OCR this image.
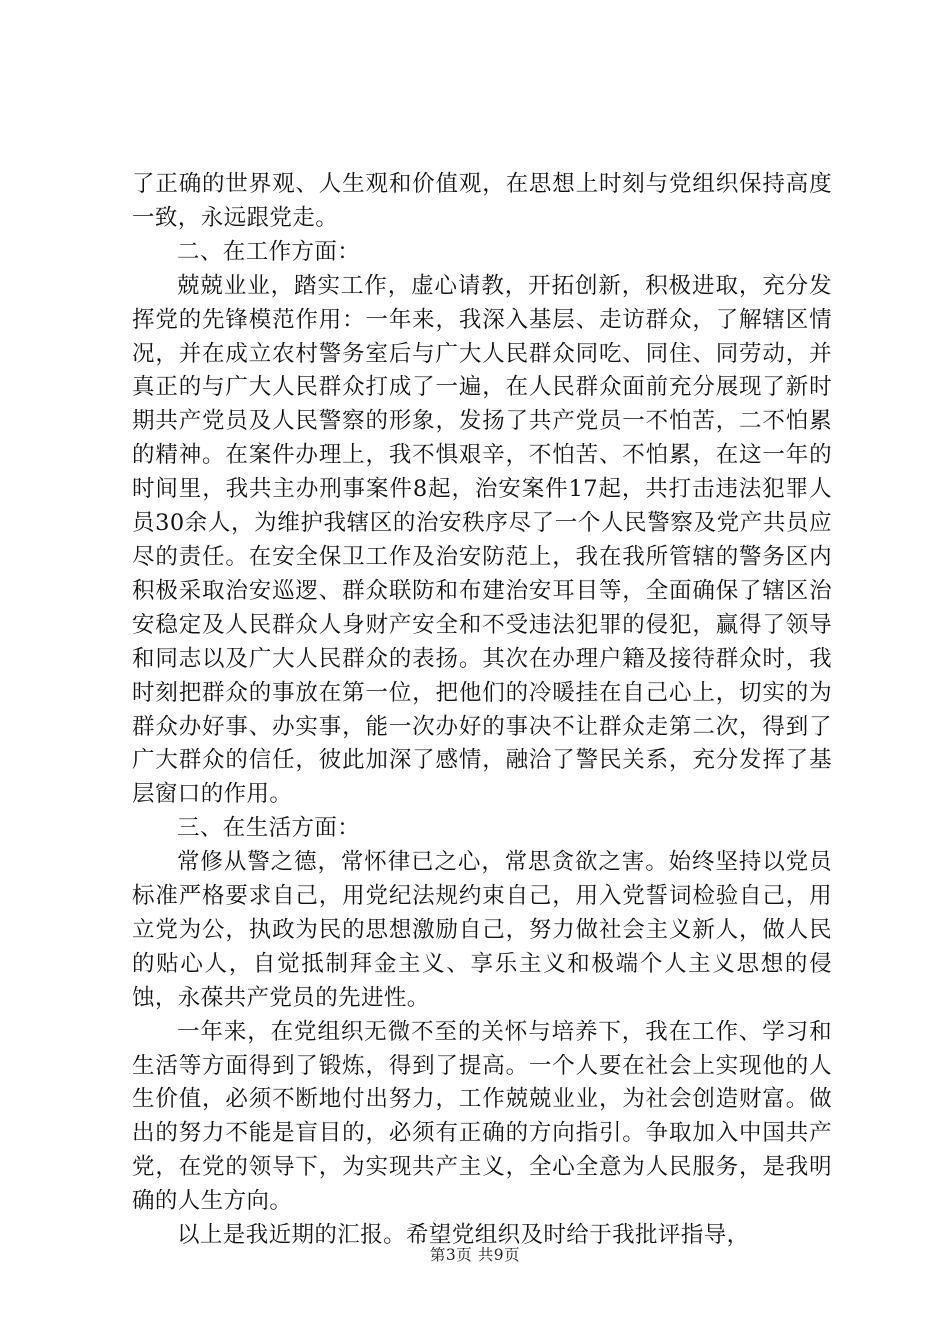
了正确的世界观、人生观和价值观，在思想上时刻与党组织保持高度一致，永远跟党走。

二、在工作方面：

兢兢业业，踏实工作，虚心请教，开拓创新，积极进取，充分发挥党的先锋模范作用：一年来，我深入基层、走访群众，了解辖区情况，并在成立农村警务室后与广大人民群众同吃、同住、同劳动，并真正的与广大人民群众打成了一遍，在人民群众面前充分展现了新时期共产党员及人民警察的形象，发扬了共产党员一不怕苦，二不怕累的精神。在案件办理上，我不惧艰辛，不怕苦、不怕累，在这一年的时间里，我共主办刑事案件8起，治安案件17起，共打击违法犯罪人员30余人，为维护我辖区的治安秩序尽了一个人民警察及党产共员应尽的责任。在安全保卫工作及治安防范上，我在我所管辖的警务区内积极采取治安巡逻、群众联防和布建治安耳目等，全面确保了辖区治安稳定及人民群众人身财产安全和不受违法犯罪的侵犯，赢得了领导和同志以及广大人民群众的表扬。其次在办理户籍及接待群众时，我时刻把群众的事放在第一位，把他们的冷暖挂在自己心上，切实的为群众办好事、办实事，能一次办好的事决不让群众走第二次，得到了广大群众的信任，彼此加深了感情，融洽了警民关系，充分发挥了基层窗口的作用。

三、在生活方面：

常修从警之德，常怀律已之心，常思贪欲之害。始终坚持以党员标准严格要求自己，用党纪法规约束自己，用入党誓词检验自己，用立党为公，执政为民的思想激励自己，努力做社会主义新人，做人民的贴心人，自觉抵制拜金主义、享乐主义和极端个人主义思想的侵蚀，永葆共产党员的先进性。

一年来，在党组织无微不至的关怀与培养下，我在工作、学习和生活等方面得到了锻炼，得到了提高。一个人要在社会上实现他的人生价值，必须不断地付出努力，工作兢兢业业，为社会创造财富。做出的努力不能是盲目的，必须有正确的方向指引。争取加入中国共产党，在党的领导下，为实现共产主义，全心全意为人民服务，是我明确的人生方向。

以上是我近期的汇报。希望党组织及时给于我批评指导，

第3页 共9页
